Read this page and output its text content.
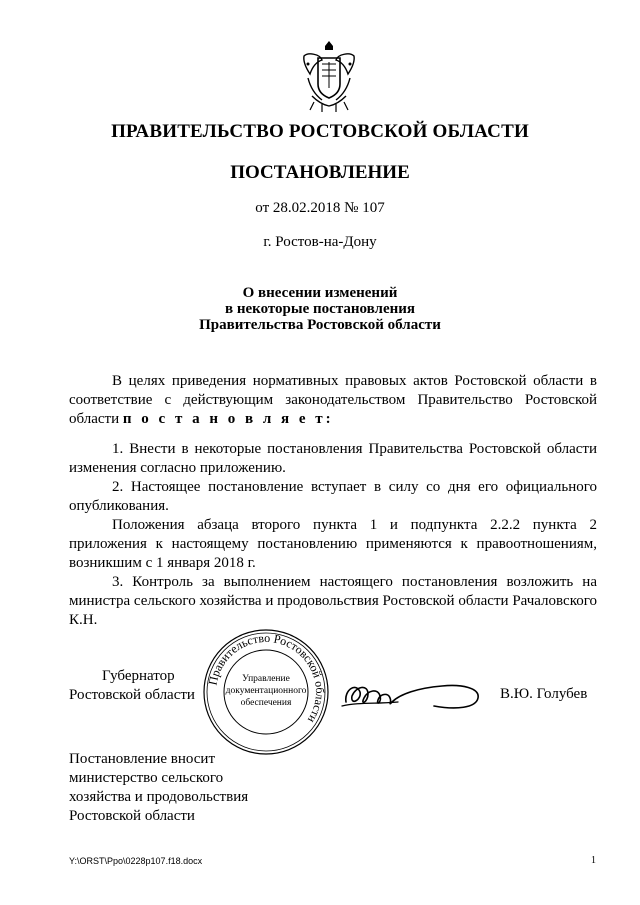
ПРАВИТЕЛЬСТВО РОСТОВСКОЙ ОБЛАСТИ
ПОСТАНОВЛЕНИЕ
от 28.02.2018 № 107
г. Ростов-на-Дону
О внесении изменений
в некоторые постановления
Правительства Ростовской области

В целях приведения нормативных правовых актов Ростовской области в соответствие с действующим законодательством Правительство Ростовской области п о с т а н о в л я е т:

1. Внести в некоторые постановления Правительства Ростовской области изменения согласно приложению.

2. Настоящее постановление вступает в силу со дня его официального опубликования.

Положения абзаца второго пункта 1 и подпункта 2.2.2 пункта 2 приложения к настоящему постановлению применяются к правоотношениям, возникшим с 1 января 2018 г.

3. Контроль за выполнением настоящего постановления возложить на министра сельского хозяйства и продовольствия Ростовской области Рачаловского К.Н.

Губернатор
Ростовской области
Правительство Ростовской области
Управление
документационного
обеспечения
В.Ю. Голубев
Постановление вносит
министерство сельского
хозяйства и продовольствия
Ростовской области
Y:\ORST\Ppo\0228p107.f18.docx	1
